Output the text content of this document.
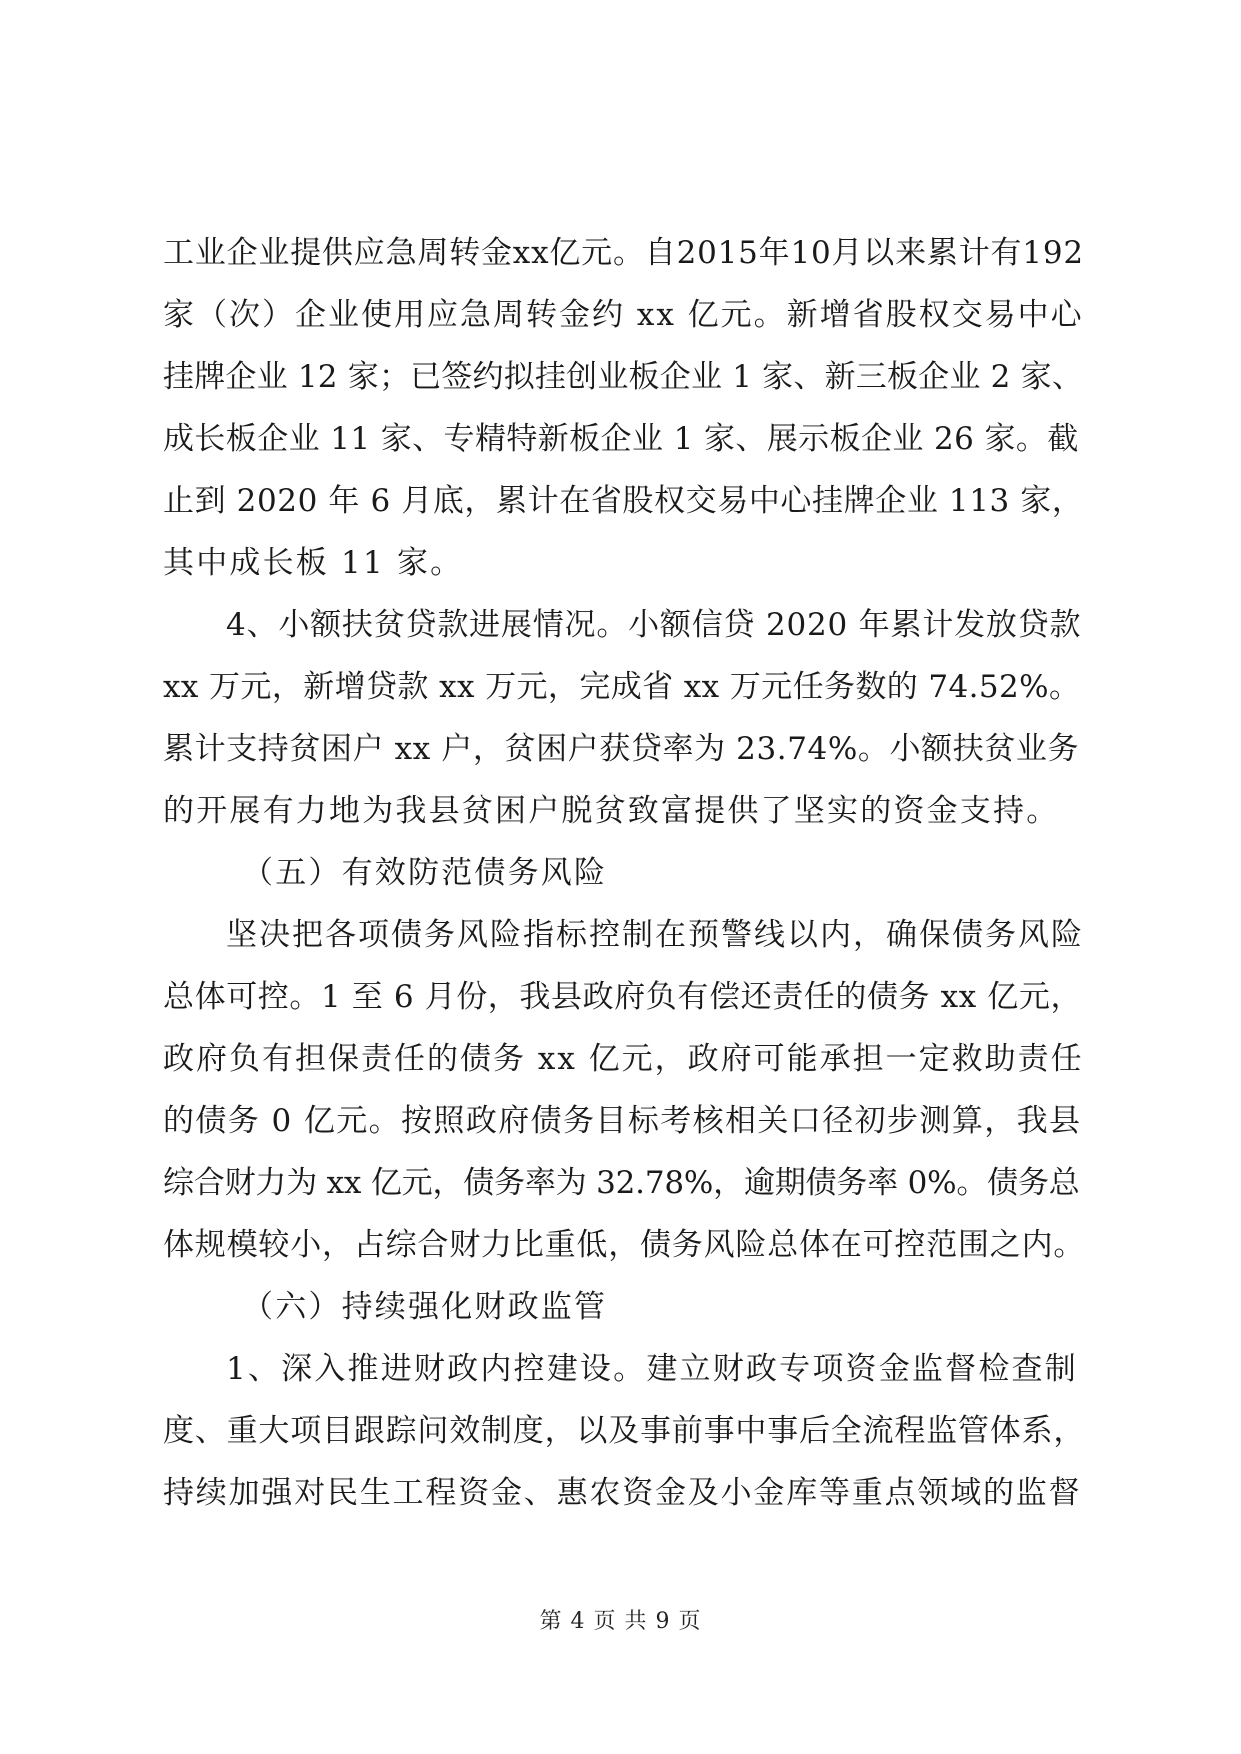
工业企业提供应急周转金xx亿元。自2015年10月以来累计有192
家（次）企业使用应急周转金约 xx 亿元。新增省股权交易中心
挂牌企业 12 家；已签约拟挂创业板企业 1 家、新三板企业 2 家、
成长板企业 11 家、专精特新板企业 1 家、展示板企业 26 家。截
止到 2020 年 6 月底，累计在省股权交易中心挂牌企业 113 家，
其中成长板 11 家。
4、小额扶贫贷款进展情况。小额信贷 2020 年累计发放贷款
xx 万元，新增贷款 xx 万元，完成省 xx 万元任务数的 74.52%。
累计支持贫困户 xx 户，贫困户获贷率为 23.74%。小额扶贫业务
的开展有力地为我县贫困户脱贫致富提供了坚实的资金支持。
（五）有效防范债务风险
坚决把各项债务风险指标控制在预警线以内，确保债务风险
总体可控。1 至 6 月份，我县政府负有偿还责任的债务 xx 亿元，
政府负有担保责任的债务 xx 亿元，政府可能承担一定救助责任
的债务 0 亿元。按照政府债务目标考核相关口径初步测算，我县
综合财力为 xx 亿元，债务率为 32.78%，逾期债务率 0%。债务总
体规模较小，占综合财力比重低，债务风险总体在可控范围之内。
（六）持续强化财政监管
1、深入推进财政内控建设。建立财政专项资金监督检查制
度、重大项目跟踪问效制度，以及事前事中事后全流程监管体系，
持续加强对民生工程资金、惠农资金及小金库等重点领域的监督
第 4 页 共 9 页
